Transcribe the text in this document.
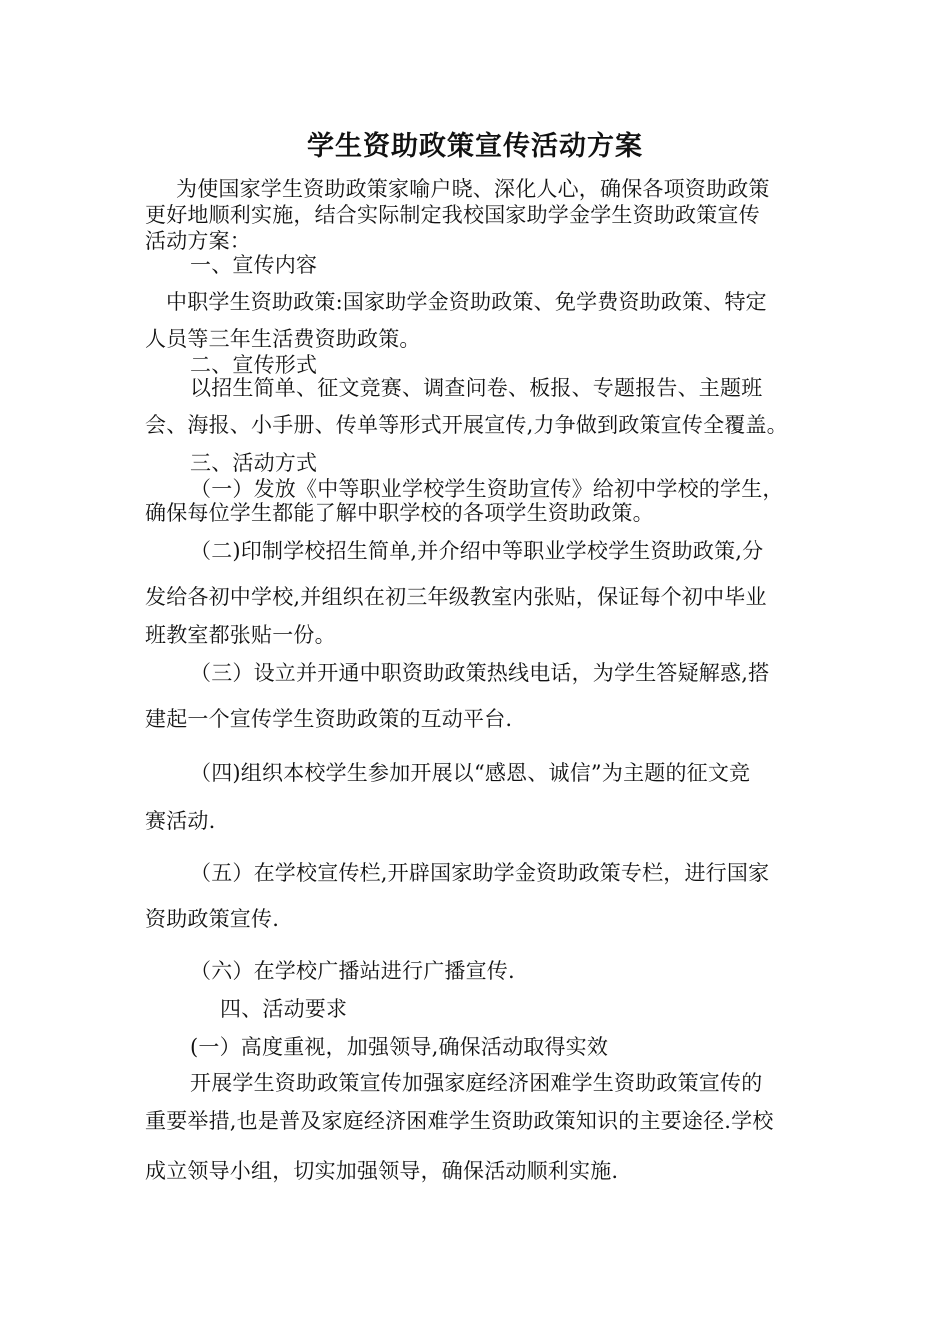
学生资助政策宣传活动方案
为使国家学生资助政策家喻户晓、深化人心，确保各项资助政策
更好地顺利实施，结合实际制定我校国家助学金学生资助政策宣传
活动方案：
一、宣传内容
中职学生资助政策:国家助学金资助政策、免学费资助政策、特定
人员等三年生活费资助政策。
二、宣传形式
以招生简单、征文竞赛、调查问卷、板报、专题报告、主题班
会、海报、小手册、传单等形式开展宣传,力争做到政策宣传全覆盖。
三、活动方式
（一）发放《中等职业学校学生资助宣传》给初中学校的学生，
确保每位学生都能了解中职学校的各项学生资助政策。
（二)印制学校招生简单,并介绍中等职业学校学生资助政策,分
发给各初中学校,并组织在初三年级教室内张贴，保证每个初中毕业
班教室都张贴一份。
（三）设立并开通中职资助政策热线电话，为学生答疑解惑,搭
建起一个宣传学生资助政策的互动平台.
（四)组织本校学生参加开展以“感恩、诚信”为主题的征文竞
赛活动.
（五）在学校宣传栏,开辟国家助学金资助政策专栏，进行国家
资助政策宣传.
（六）在学校广播站进行广播宣传.
四、活动要求
(一）高度重视，加强领导,确保活动取得实效
开展学生资助政策宣传加强家庭经济困难学生资助政策宣传的
重要举措,也是普及家庭经济困难学生资助政策知识的主要途径.学校
成立领导小组，切实加强领导，确保活动顺利实施.
